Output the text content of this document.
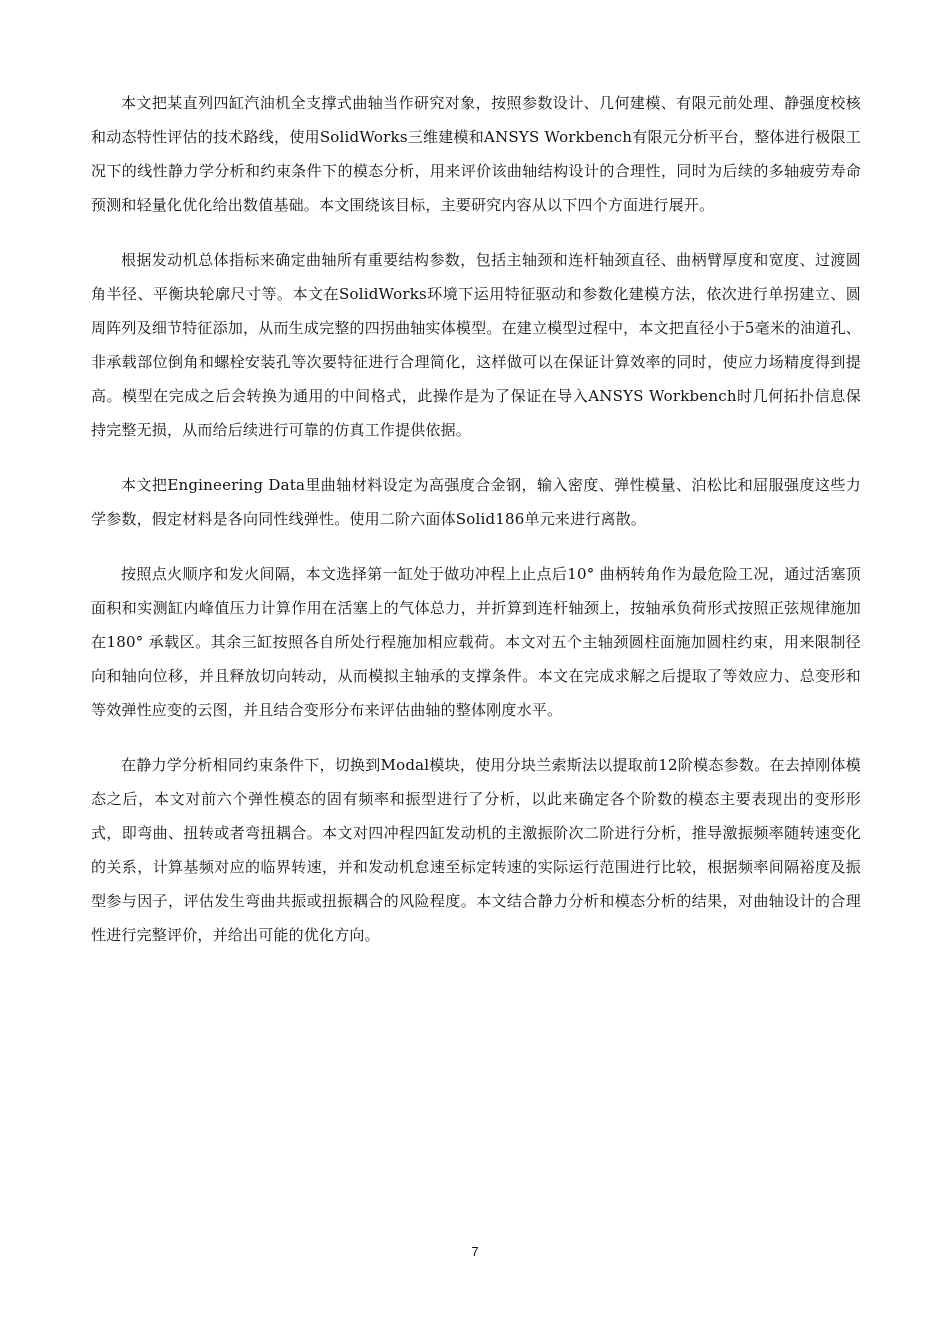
本文把某直列四缸汽油机全支撑式曲轴当作研究对象，按照参数设计、几何建模、有限元前处理、静强度校核和动态特性评估的技术路线，使用SolidWorks三维建模和ANSYS Workbench有限元分析平台，整体进行极限工况下的线性静力学分析和约束条件下的模态分析，用来评价该曲轴结构设计的合理性，同时为后续的多轴疲劳寿命预测和轻量化优化给出数值基础。本文围绕该目标，主要研究内容从以下四个方面进行展开。

根据发动机总体指标来确定曲轴所有重要结构参数，包括主轴颈和连杆轴颈直径、曲柄臂厚度和宽度、过渡圆角半径、平衡块轮廓尺寸等。本文在SolidWorks环境下运用特征驱动和参数化建模方法，依次进行单拐建立、圆周阵列及细节特征添加，从而生成完整的四拐曲轴实体模型。在建立模型过程中，本文把直径小于5毫米的油道孔、非承载部位倒角和螺栓安装孔等次要特征进行合理简化，这样做可以在保证计算效率的同时，使应力场精度得到提高。模型在完成之后会转换为通用的中间格式，此操作是为了保证在导入ANSYS Workbench时几何拓扑信息保持完整无损，从而给后续进行可靠的仿真工作提供依据。

本文把Engineering Data里曲轴材料设定为高强度合金钢，输入密度、弹性模量、泊松比和屈服强度这些力学参数，假定材料是各向同性线弹性。使用二阶六面体Solid186单元来进行离散。

按照点火顺序和发火间隔，本文选择第一缸处于做功冲程上止点后10° 曲柄转角作为最危险工况，通过活塞顶面积和实测缸内峰值压力计算作用在活塞上的气体总力，并折算到连杆轴颈上，按轴承负荷形式按照正弦规律施加在180° 承载区。其余三缸按照各自所处行程施加相应载荷。本文对五个主轴颈圆柱面施加圆柱约束，用来限制径向和轴向位移，并且释放切向转动，从而模拟主轴承的支撑条件。本文在完成求解之后提取了等效应力、总变形和等效弹性应变的云图，并且结合变形分布来评估曲轴的整体刚度水平。

在静力学分析相同约束条件下，切换到Modal模块，使用分块兰索斯法以提取前12阶模态参数。在去掉刚体模态之后，本文对前六个弹性模态的固有频率和振型进行了分析，以此来确定各个阶数的模态主要表现出的变形形式，即弯曲、扭转或者弯扭耦合。本文对四冲程四缸发动机的主激振阶次二阶进行分析，推导激振频率随转速变化的关系，计算基频对应的临界转速，并和发动机怠速至标定转速的实际运行范围进行比较，根据频率间隔裕度及振型参与因子，评估发生弯曲共振或扭振耦合的风险程度。本文结合静力分析和模态分析的结果，对曲轴设计的合理性进行完整评价，并给出可能的优化方向。

7
